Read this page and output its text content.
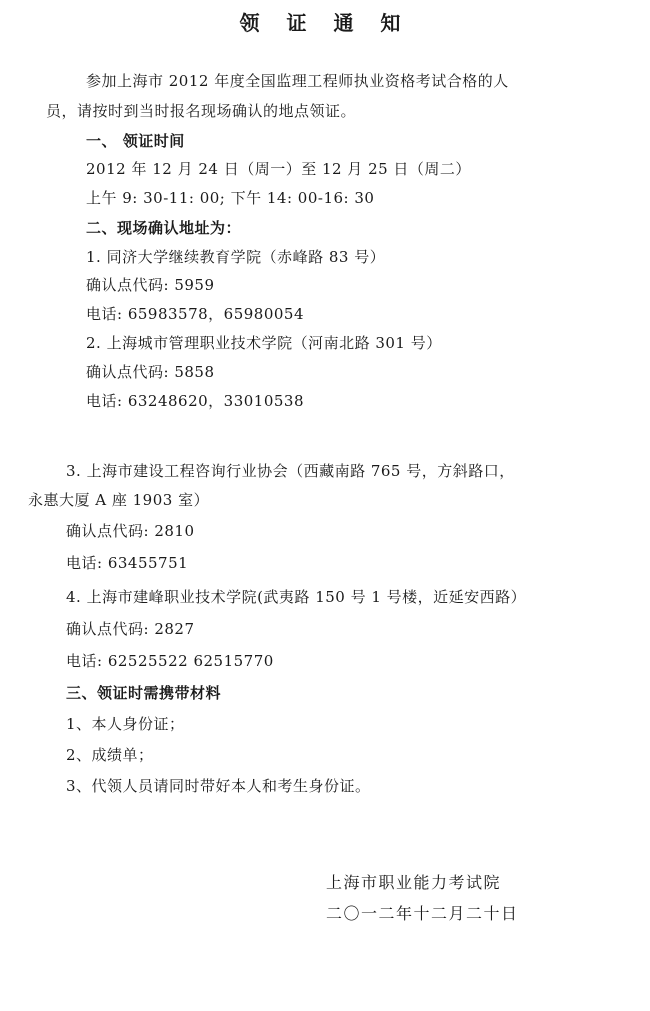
领 证 通 知
参加上海市 2012 年度全国监理工程师执业资格考试合格的人
员，请按时到当时报名现场确认的地点领证。
一、 领证时间
2012 年 12 月 24 日（周一）至 12 月 25 日（周二）
上午 9: 30-11: 00; 下午 14: 00-16: 30
二、现场确认地址为：
1. 同济大学继续教育学院（赤峰路 83 号）
确认点代码: 5959
电话: 65983578，65980054
2. 上海城市管理职业技术学院（河南北路 301 号）
确认点代码: 5858
电话: 63248620，33010538
3. 上海市建设工程咨询行业协会（西藏南路 765 号，方斜路口，
永惠大厦 A 座 1903 室）
确认点代码: 2810
电话: 63455751
4. 上海市建峰职业技术学院(武夷路 150 号 1 号楼，近延安西路）
确认点代码: 2827
电话: 62525522 62515770
三、领证时需携带材料
1、本人身份证；
2、成绩单；
3、代领人员请同时带好本人和考生身份证。
上海市职业能力考试院
二〇一二年十二月二十日
